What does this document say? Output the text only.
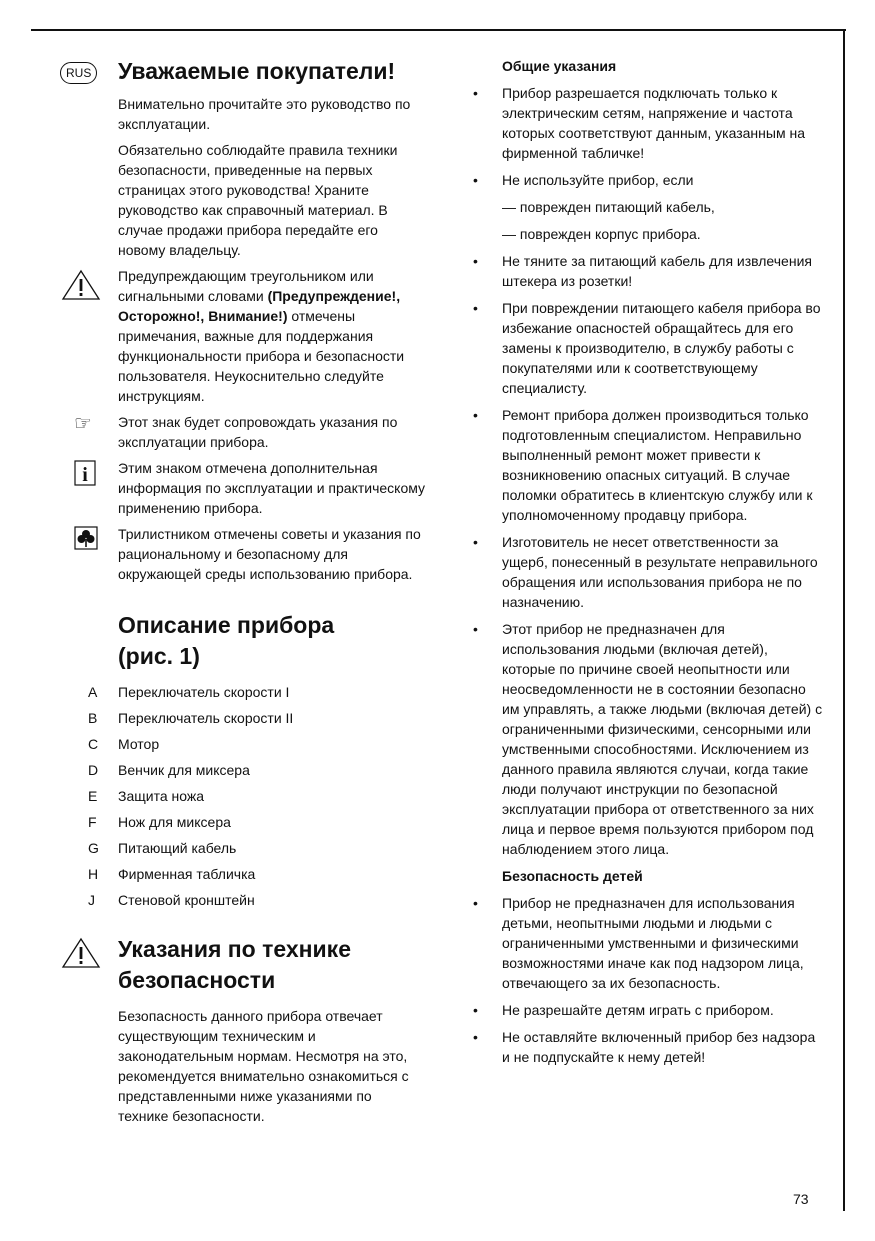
RUS Уважаемые покупатели!

Внимательно прочитайте это руководство по эксплуатации.

Обязательно соблюдайте правила техники безопасности, приведенные на первых страницах этого руководства! Храните руководство как справочный материал. В случае продажи прибора передайте его новому владельцу.

Предупреждающим треугольником или сигнальными словами (Предупреждение!, Осторожно!, Внимание!) отмечены примечания, важные для поддержания функциональности прибора и безопасности пользователя. Неукоснительно следуйте инструкциям.

☞ Этот знак будет сопровождать указания по эксплуатации прибора.

i Этим знаком отмечена дополнительная информация по эксплуатации и практическому применению прибора.

Трилистником отмечены советы и указания по рациональному и безопасному для окружающей среды использованию прибора.

Описание прибора

(рис. 1)

A Переключатель скорости I
B Переключатель скорости II
C Мотор
D Венчик для миксера
E Защита ножа
F Нож для миксера
G Питающий кабель
H Фирменная табличка
J Стеновой кронштейн

Указания по технике

безопасности

Безопасность данного прибора отвечает существующим техническим и законодательным нормам. Несмотря на это, рекомендуется внимательно ознакомиться с представленными ниже указаниями по технике безопасности.

Общие указания

• Прибор разрешается подключать только к электрическим сетям, напряжение и частота которых соответствуют данным, указанным на фирменной табличке!
• Не используйте прибор, если

— поврежден питающий кабель,

— поврежден корпус прибора.

• Не тяните за питающий кабель для извлечения штекера из розетки!
• При повреждении питающего кабеля прибора во избежание опасностей обращайтесь для его замены к производителю, в службу работы с покупателями или к соответствующему специалисту.
• Ремонт прибора должен производиться только подготовленным специалистом. Неправильно выполненный ремонт может привести к возникновению опасных ситуаций. В случае поломки обратитесь в клиентскую службу или к уполномоченному продавцу прибора.
• Изготовитель не несет ответственности за ущерб, понесенный в результате неправильного обращения или использования прибора не по назначению.
• Этот прибор не предназначен для использования людьми (включая детей), которые по причине своей неопытности или неосведомленности не в состоянии безопасно им управлять, а также людьми (включая детей) с ограниченными физическими, сенсорными или умственными способностями. Исключением из данного правила являются случаи, когда такие люди получают инструкции по безопасной эксплуатации прибора от ответственного за них лица и первое время пользуются прибором под наблюдением этого лица.

Безопасность детей

• Прибор не предназначен для использования детьми, неопытными людьми и людьми с ограниченными умственными и физическими возможностями иначе как под надзором лица, отвечающего за их безопасность.
• Не разрешайте детям играть с прибором.
• Не оставляйте включенный прибор без надзора и не подпускайте к нему детей!
73
